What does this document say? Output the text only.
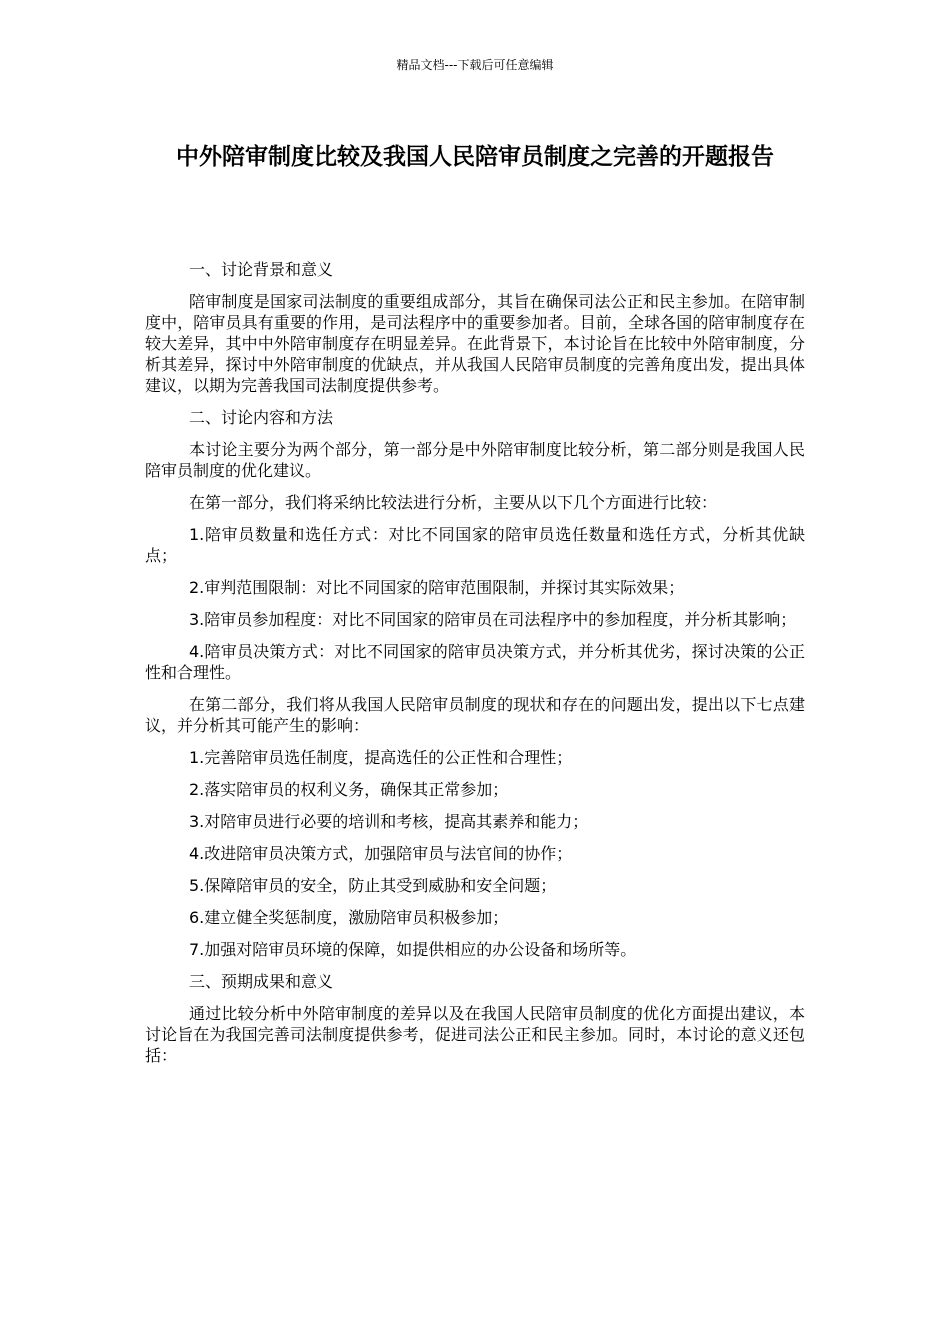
精品文档---下载后可任意编辑
中外陪审制度比较及我国人民陪审员制度之完善的开题报告

一、讨论背景和意义

陪审制度是国家司法制度的重要组成部分，其旨在确保司法公正和民主参加。在陪审制度中，陪审员具有重要的作用，是司法程序中的重要参加者。目前，全球各国的陪审制度存在较大差异，其中中外陪审制度存在明显差异。在此背景下，本讨论旨在比较中外陪审制度，分析其差异，探讨中外陪审制度的优缺点，并从我国人民陪审员制度的完善角度出发，提出具体建议，以期为完善我国司法制度提供参考。

二、讨论内容和方法

本讨论主要分为两个部分，第一部分是中外陪审制度比较分析，第二部分则是我国人民陪审员制度的优化建议。

在第一部分，我们将采纳比较法进行分析，主要从以下几个方面进行比较：

1.陪审员数量和选任方式：对比不同国家的陪审员选任数量和选任方式，分析其优缺点；

2.审判范围限制：对比不同国家的陪审范围限制，并探讨其实际效果；

3.陪审员参加程度：对比不同国家的陪审员在司法程序中的参加程度，并分析其影响；

4.陪审员决策方式：对比不同国家的陪审员决策方式，并分析其优劣，探讨决策的公正性和合理性。

在第二部分，我们将从我国人民陪审员制度的现状和存在的问题出发，提出以下七点建议，并分析其可能产生的影响：

1.完善陪审员选任制度，提高选任的公正性和合理性；

2.落实陪审员的权利义务，确保其正常参加；

3.对陪审员进行必要的培训和考核，提高其素养和能力；

4.改进陪审员决策方式，加强陪审员与法官间的协作；

5.保障陪审员的安全，防止其受到威胁和安全问题；

6.建立健全奖惩制度，激励陪审员积极参加；

7.加强对陪审员环境的保障，如提供相应的办公设备和场所等。

三、预期成果和意义

通过比较分析中外陪审制度的差异以及在我国人民陪审员制度的优化方面提出建议，本讨论旨在为我国完善司法制度提供参考，促进司法公正和民主参加。同时，本讨论的意义还包括：
